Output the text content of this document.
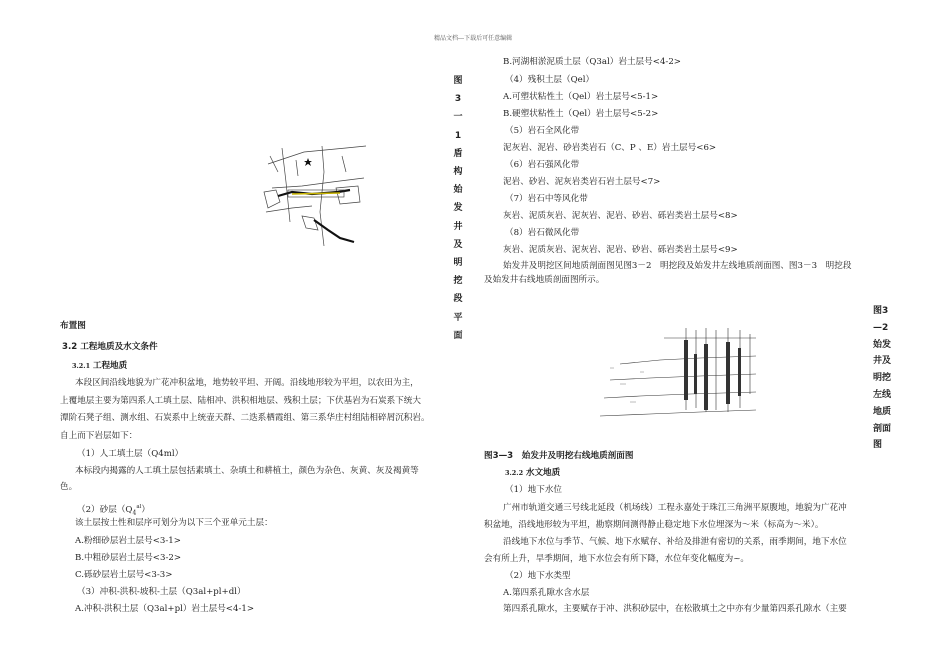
精品文档---下载后可任意编辑
图
3
一
1
盾
构
始
发
井
及
明
挖
段
平
面
布置图
3.2 工程地质及水文条件
3.2.1 工程地质
本段区间沿线地貌为广花冲积盆地，地势较平坦、开阔。沿线地形较为平坦，以农田为主，
上覆地层主要为第四系人工填土层、陆相冲、洪积相地层、残积土层；下伏基岩为石炭系下统大
潭阶石凳子组、测水组、石炭系中上统壶天群、二迭系栖霞组、第三系华庄村组陆相碎屑沉积岩。
自上而下岩层如下：
（1）人工填土层（Q4ml）
本标段内揭露的人工填土层包括素填土、杂填土和耕植土，颜色为杂色、灰黄、灰及褐黄等
色。
（2）砂层$(Q_4^{al})$
该土层按土性和层序可划分为以下三个亚单元土层：
A.粉细砂层岩土层号<3-1>
B.中粗砂层岩土层号<3-2>
C.砾砂层岩土层号<3-3>
（3）冲积-洪积-坡积-土层（Q3al+pl+dl）
A.冲积-洪积土层（Q3al+pl）岩土层号<4-1>
B.河湖相淤泥质土层（Q3al）岩土层号<4-2>
（4）残积土层（Qel）
A.可塑状粘性土（Qel）岩土层号<5-1>
B.硬塑状粘性土（Qel）岩土层号<5-2>
（5）岩石全风化带
泥灰岩、泥岩、砂岩类岩石（C、P 、E）岩土层号<6>
（6）岩石强风化带
泥岩、砂岩、泥灰岩类岩石岩土层号<7>
（7）岩石中等风化带
灰岩、泥质灰岩、泥灰岩、泥岩、砂岩、砾岩类岩土层号<8>
（8）岩石微风化带
灰岩、泥质灰岩、泥灰岩、泥岩、砂岩、砾岩类岩土层号<9>
始发井及明挖区间地质剖面图见图3－2　明挖段及始发井左线地质剖面图、图3－3　明挖段
及始发井右线地质剖面图所示。
图3
—2
始发
井及
明挖
左线
地质
剖面
图
图3—3　始发井及明挖右线地质剖面图
3.2.2 水文地质
（1）地下水位
广州市轨道交通三号线北延段（机场线）工程永嘉处于珠江三角洲平原腹地，地貌为广花冲
积盆地，沿线地形较为平坦，勘察期间测得静止稳定地下水位埋深为～米（标高为～米）。
沿线地下水位与季节、气候、地下水赋存、补给及排泄有密切的关系，雨季期间，地下水位
会有所上升，旱季期间，地下水位会有所下降，水位年变化幅度为~。
（2）地下水类型
A.第四系孔隙水含水层
第四系孔隙水，主要赋存于冲、洪积砂层中，在松散填土之中亦有少量第四系孔隙水（主要
